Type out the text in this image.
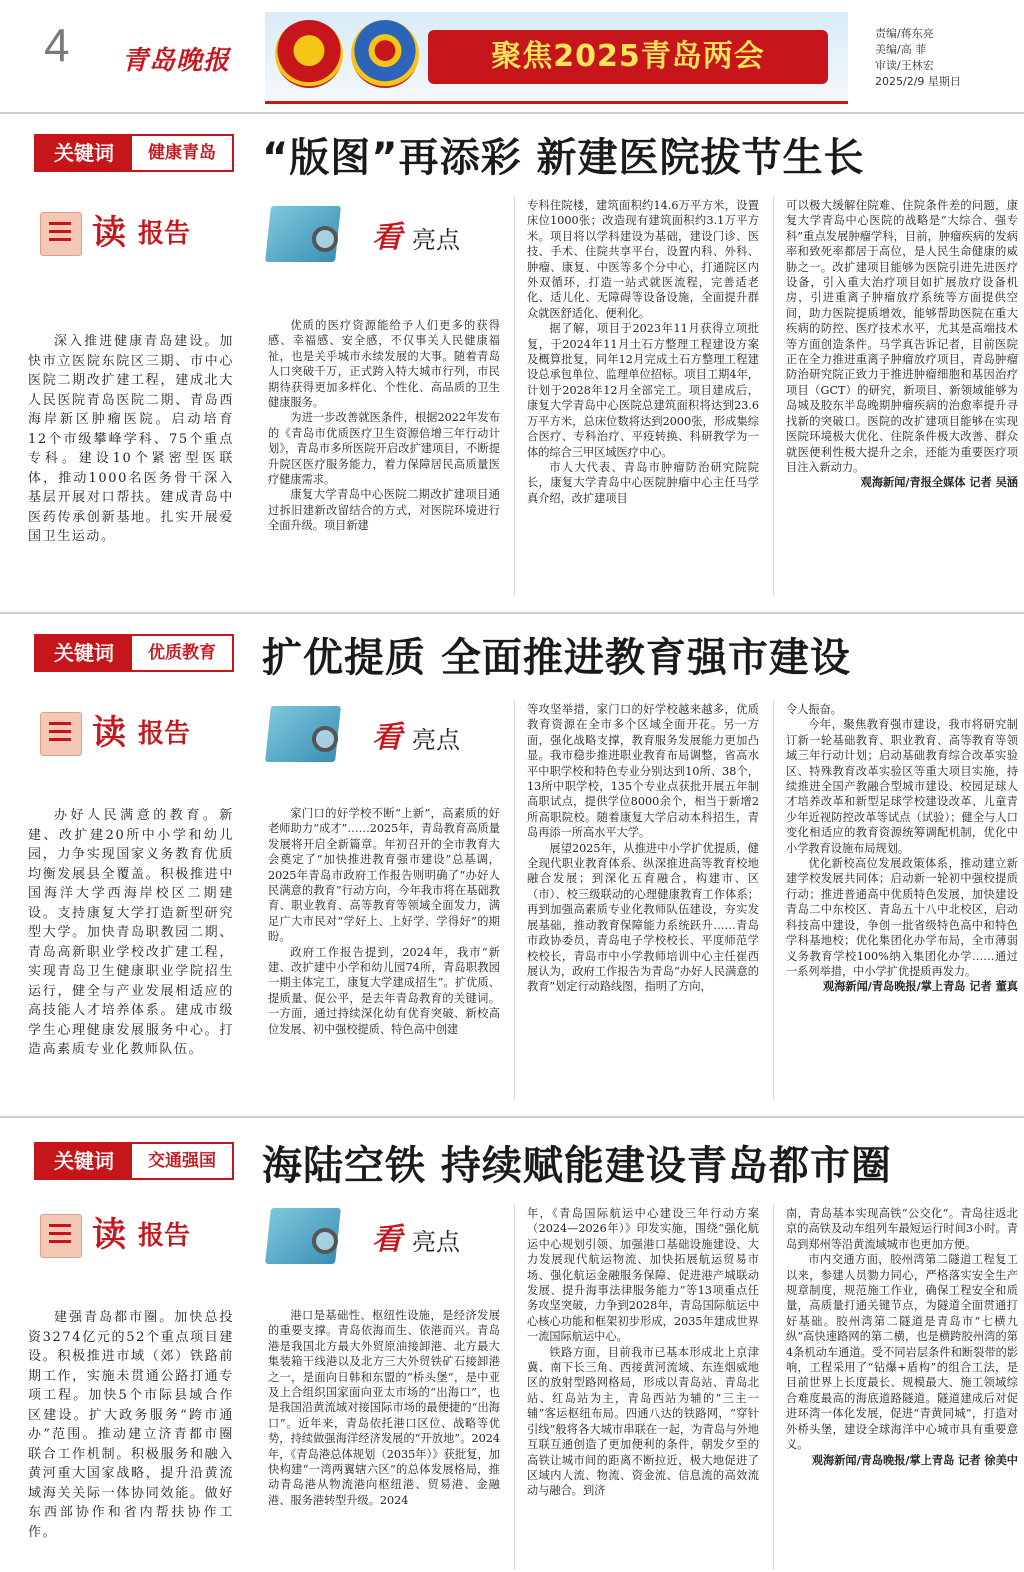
4 青岛晚报	聚焦2025青岛两会
责编/蒋东亮
美编/高 菲
审读/王林宏
2025/2/9 星期日
关键词	健康青岛	“版图”再添彩 新建医院拔节生长
读 报告	看 亮点
深入推进健康青岛建设。加快市立医院东院区三期、市中心医院二期改扩建工程，建成北大人民医院青岛医院二期、青岛西海岸新区肿瘤医院。启动培育12个市级攀峰学科、75个重点专科。建设10个紧密型医联体，推动1000名医务骨干深入基层开展对口帮扶。建成青岛中医药传承创新基地。扎实开展爱国卫生运动。

优质的医疗资源能给予人们更多的获得感、幸福感、安全感，不仅事关人民健康福祉，也是关乎城市永续发展的大事。随着青岛人口突破千万，正式跨入特大城市行列，市民期待获得更加多样化、个性化、高品质的卫生健康服务。

为进一步改善就医条件，根据2022年发布的《青岛市优质医疗卫生资源倍增三年行动计划》，青岛市多所医院开启改扩建项目，不断提升院区医疗服务能力，着力保障居民高质量医疗健康需求。

康复大学青岛中心医院二期改扩建项目通过拆旧建新改留结合的方式，对医院环境进行全面升级。项目新建

专科住院楼，建筑面积约14.6万平方米，设置床位1000张；改造现有建筑面积约3.1万平方米。项目将以学科建设为基础，建设门诊、医技、手术、住院共享平台，设置内科、外科、肿瘤、康复、中医等多个分中心，打通院区内外双循环，打造一站式就医流程，完善适老化、适儿化、无障碍等设备设施，全面提升群众就医舒适化、便利化。

据了解，项目于2023年11月获得立项批复，于2024年11月土石方整理工程建设方案及概算批复，同年12月完成土石方整理工程建设总承包单位、监理单位招标。项目工期4年，计划于2028年12月全部完工。项目建成后，康复大学青岛中心医院总建筑面积将达到23.6万平方米，总床位数将达到2000张，形成集综合医疗、专科治疗、平疫转换、科研教学为一体的综合三甲区域医疗中心。

市人大代表、青岛市肿瘤防治研究院院长，康复大学青岛中心医院肿瘤中心主任马学真介绍，改扩建项目

可以极大缓解住院难、住院条件差的问题，康复大学青岛中心医院的战略是“大综合、强专科”重点发展肿瘤学科，目前，肿瘤疾病的发病率和致死率都居于高位，是人民生命健康的威胁之一。改扩建项目能够为医院引进先进医疗设备，引入重大治疗项目如扩展放疗设备机房，引进重离子肿瘤放疗系统等方面提供空间，助力医院提质增效，能够帮助医院在重大疾病的防控、医疗技术水平，尤其是高端技术等方面创造条件。马学真告诉记者，目前医院正在全力推进重离子肿瘤放疗项目，青岛肿瘤防治研究院正致力于推进肿瘤细胞和基因治疗项目（GCT）的研究，新项目、新领域能够为岛城及胶东半岛晚期肿瘤疾病的治愈率提升寻找新的突破口。医院的改扩建项目能够在实现医院环境极大优化、住院条件极大改善、群众就医便利性极大提升之余，还能为重要医疗项目注入新动力。

观海新闻/青报全媒体 记者 吴涵

关键词	优质教育	扩优提质 全面推进教育强市建设
读 报告	看 亮点
办好人民满意的教育。新建、改扩建20所中小学和幼儿园，力争实现国家义务教育优质均衡发展县全覆盖。积极推进中国海洋大学西海岸校区二期建设。支持康复大学打造新型研究型大学。加快青岛职教园二期、青岛高新职业学校改扩建工程，实现青岛卫生健康职业学院招生运行，健全与产业发展相适应的高技能人才培养体系。建成市级学生心理健康发展服务中心。打造高素质专业化教师队伍。

家门口的好学校不断“上新”，高素质的好老师助力“成才”……2025年，青岛教育高质量发展将开启全新篇章。年初召开的全市教育大会奠定了“加快推进教育强市建设”总基调，2025年青岛市政府工作报告则明确了“办好人民满意的教育”行动方向，今年我市将在基础教育、职业教育、高等教育等领域全面发力，满足广大市民对“学好上、上好学、学得好”的期盼。

政府工作报告提到，2024年，我市“新建、改扩建中小学和幼儿园74所，青岛职教园一期主体完工，康复大学建成招生”。扩优质、提质量、促公平，是去年青岛教育的关键词。一方面，通过持续深化幼有优育突破、新校高位发展、初中强校提质、特色高中创建

等攻坚举措，家门口的好学校越来越多，优质教育资源在全市多个区域全面开花。另一方面，强化战略支撑，教育服务发展能力更加凸显。我市稳步推进职业教育布局调整，省高水平中职学校和特色专业分别达到10所、38个，13所中职学校，135个专业点获批开展五年制高职试点，提供学位8000余个，相当于新增2所高职院校。随着康复大学启动本科招生，青岛再添一所高水平大学。

展望2025年，从推进中小学扩优提质，健全现代职业教育体系、纵深推进高等教育校地融合发展；到深化五育融合，构建市、区（市）、校三级联动的心理健康教育工作体系；再到加强高素质专业化教师队伍建设，夯实发展基础，推动教育保障能力系统跃升……青岛市政协委员，青岛电子学校校长、平度师范学校校长，青岛市中小学教师培训中心主任崔西展认为，政府工作报告为青岛“办好人民满意的教育”划定行动路线图，指明了方向，

令人振奋。

今年，聚焦教育强市建设，我市将研究制订新一轮基础教育、职业教育、高等教育等领域三年行动计划；启动基础教育综合改革实验区、特殊教育改革实验区等重大项目实施，持续推进全国产教融合型城市建设、校园足球人才培养改革和新型足球学校建设改革、儿童青少年近视防控改革等试点（试验）；健全与人口变化相适应的教育资源统筹调配机制，优化中小学教育设施布局规划。

优化新校高位发展政策体系，推动建立新建学校发展共同体；启动新一轮初中强校提质行动；推进普通高中优质特色发展，加快建设青岛二中东校区、青岛五十八中北校区，启动科技高中建设，争创一批省级特色高中和特色学科基地校；优化集团化办学布局，全市薄弱义务教育学校100%纳入集团化办学……通过一系列举措，中小学扩优提质再发力。

观海新闻/青岛晚报/掌上青岛 记者 董真

关键词	交通强国	海陆空铁 持续赋能建设青岛都市圈
读 报告	看 亮点
建强青岛都市圈。加快总投资3274亿元的52个重点项目建设。积极推进市域（郊）铁路前期工作，实施未贯通公路打通专项工程。加快5个市际县域合作区建设。扩大政务服务“跨市通办”范围。推动建立济青都市圈联合工作机制。积极服务和融入黄河重大国家战略，提升沿黄流域海关关际一体协同效能。做好东西部协作和省内帮扶协作工作。

港口是基础性、枢纽性设施，是经济发展的重要支撑。青岛依海而生、依港而兴。青岛港是我国北方最大外贸原油接卸港、北方最大集装箱干线港以及北方三大外贸铁矿石接卸港之一，是面向日韩和东盟的“桥头堡”，是中亚及上合组织国家面向亚太市场的“出海口”，也是我国沿黄流域对接国际市场的最便捷的“出海口”。近年来，青岛依托港口区位、战略等优势，持续做强海洋经济发展的“开放地”。2024年，《青岛港总体规划（2035年）》获批复，加快构建“一湾两翼辖六区”的总体发展格局，推动青岛港从物流港向枢纽港、贸易港、金融港、服务港转型升级。2024

年，《青岛国际航运中心建设三年行动方案（2024—2026年）》印发实施，围绕“强化航运中心规划引领、加强港口基础设施建设、大力发展现代航运物流、加快拓展航运贸易市场、强化航运金融服务保障、促进港产城联动发展、提升海事法律服务能力”等13项重点任务攻坚突破，力争到2028年，青岛国际航运中心核心功能和框架初步形成，2035年建成世界一流国际航运中心。

铁路方面，目前我市已基本形成北上京津冀、南下长三角、西接黄河流域、东连烟威地区的放射型路网格局，形成以青岛站、青岛北站、红岛站为主，青岛西站为辅的“三主一辅”客运枢纽布局。四通八达的铁路网，“穿针引线”般将各大城市串联在一起，为青岛与外地互联互通创造了更加便利的条件，朝发夕至的高铁让城市间的距离不断拉近，极大地促进了区域内人流、物流、资金流、信息流的高效流动与融合。到济

南，青岛基本实现高铁“公交化”。青岛往返北京的高铁及动车组列车最短运行时间3小时。青岛到郑州等沿黄流域城市也更加方便。

市内交通方面，胶州湾第二隧道工程复工以来，参建人员勠力同心，严格落实安全生产规章制度，规范施工作业，确保工程安全和质量，高质量打通关键节点，为隧道全面贯通打好基础。胶州湾第二隧道是青岛市“七横九纵”高快速路网的第二横，也是横跨胶州湾的第4条机动车通道。受不同岩层条件和断裂带的影响，工程采用了“钻爆+盾构”的组合工法，是目前世界上长度最长、规模最大、施工领域综合难度最高的海底道路隧道。隧道建成后对促进环湾一体化发展，促进“青黄同城”，打造对外桥头堡，建设全球海洋中心城市具有重要意义。

观海新闻/青岛晚报/掌上青岛 记者 徐美中
